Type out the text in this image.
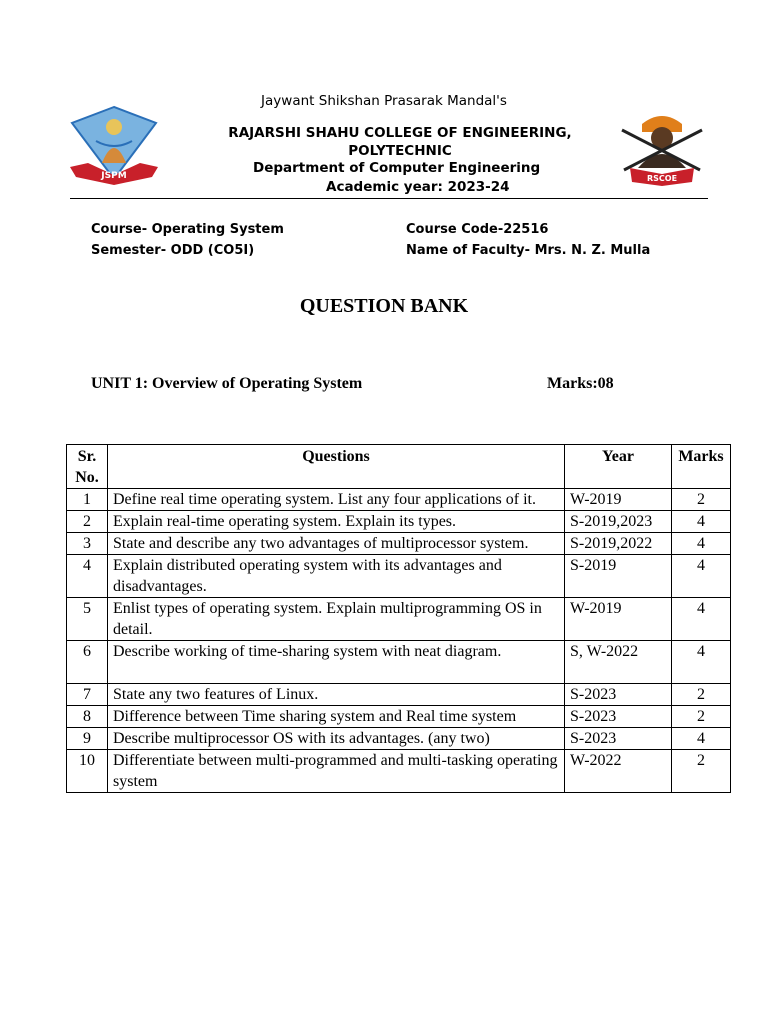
Jaywant Shikshan Prasarak Mandal's
JSPM
RAJARSHI SHAHU COLLEGE OF ENGINEERING,
POLYTECHNIC
Department of Computer Engineering
Academic year: 2023-24
RSCOE
Course- Operating System
Semester- ODD (CO5I)
Course Code-22516
Name of Faculty- Mrs. N. Z. Mulla
QUESTION BANK
UNIT 1: Overview of Operating System	Marks:08
Sr. No.	Questions	Year	Marks
1	Define real time operating system. List any four applications of it.	W-2019	2
2	Explain real-time operating system. Explain its types.	S-2019,2023	4
3	State and describe any two advantages of multiprocessor system.	S-2019,2022	4
4	Explain distributed operating system with its advantages and disadvantages.	S-2019	4
5	Enlist types of operating system. Explain multiprogramming OS in detail.	W-2019	4
6	Describe working of time-sharing system with neat diagram.	S, W-2022	4
7	State any two features of Linux.	S-2023	2
8	Difference between Time sharing system and Real time system	S-2023	2
9	Describe multiprocessor OS with its advantages. (any two)	S-2023	4
10	Differentiate between multi-programmed and multi-tasking operating system	W-2022	2
